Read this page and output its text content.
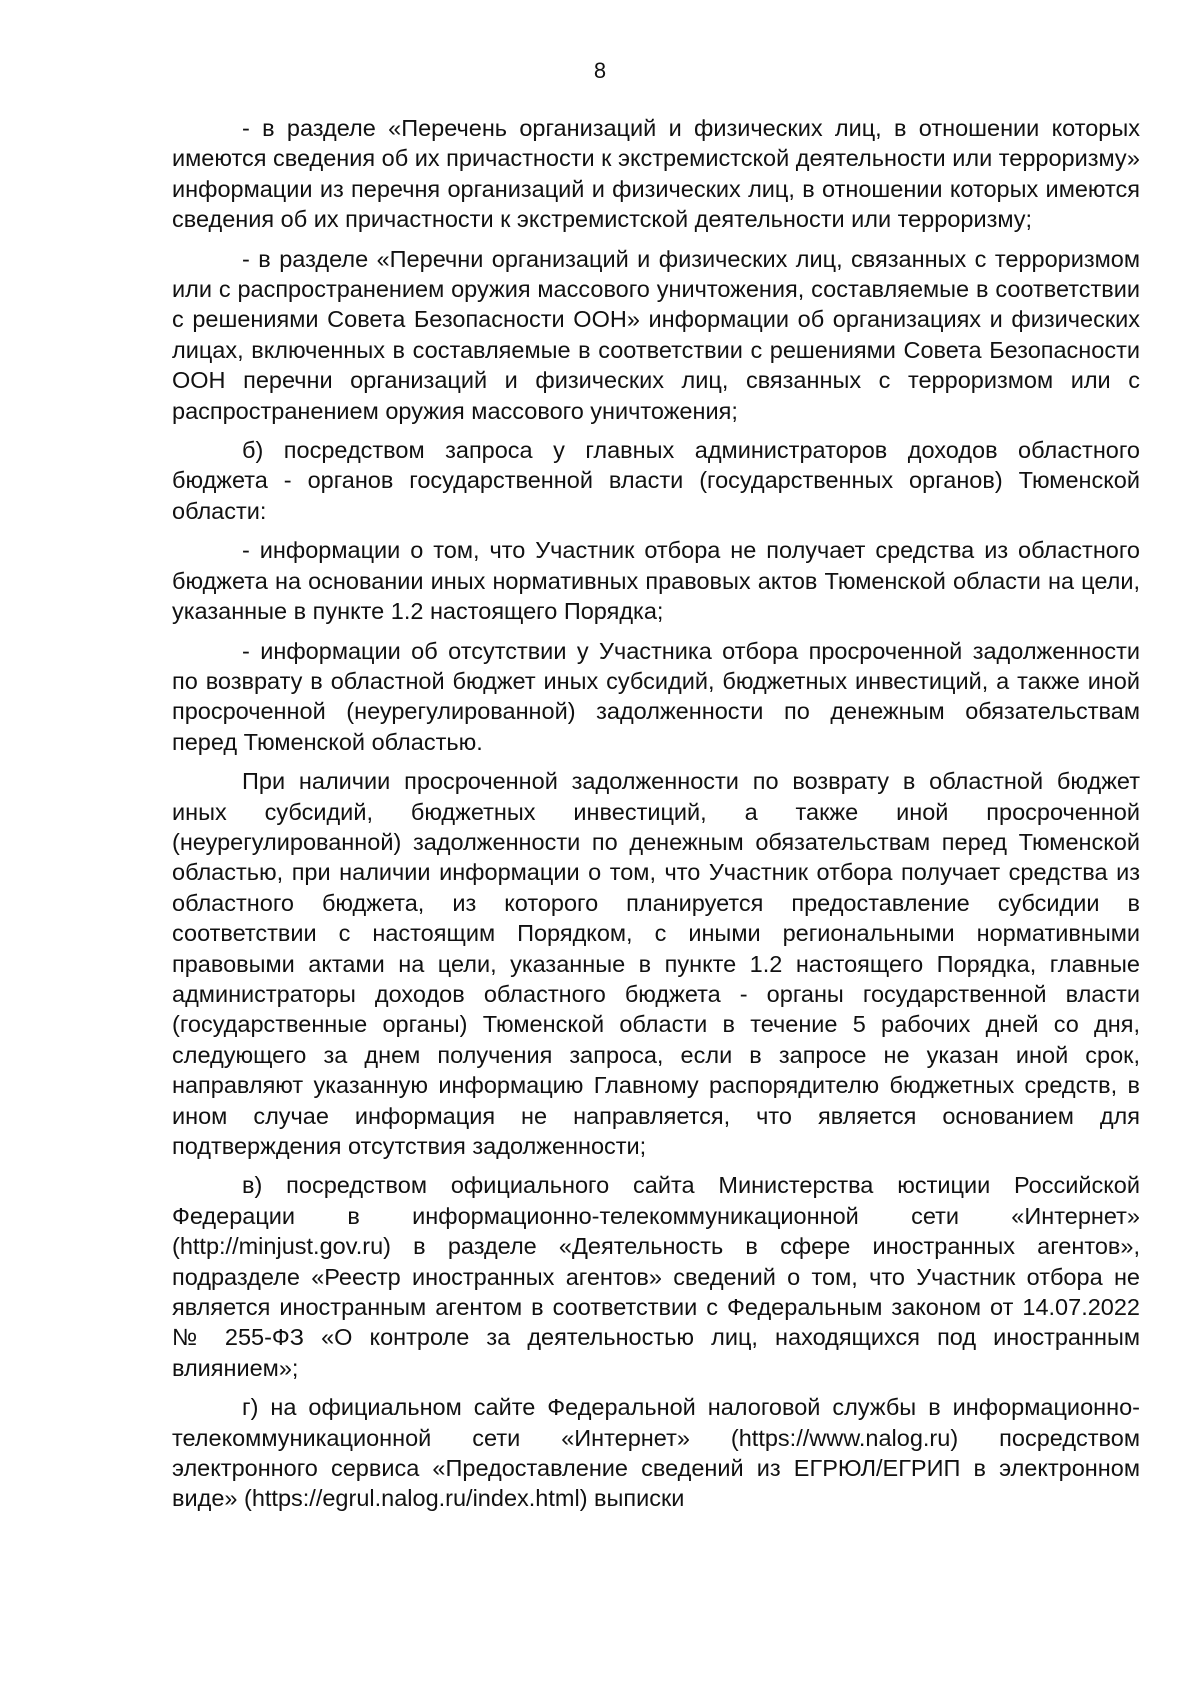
8

- в разделе «Перечень организаций и физических лиц, в отношении которых имеются сведения об их причастности к экстремистской деятельности или терроризму» информации из перечня организаций и физических лиц, в отношении которых имеются сведения об их причастности к экстремистской деятельности или терроризму;

- в разделе «Перечни организаций и физических лиц, связанных с терроризмом или с распространением оружия массового уничтожения, составляемые в соответствии с решениями Совета Безопасности ООН» информации об организациях и физических лицах, включенных в составляемые в соответствии с решениями Совета Безопасности ООН перечни организаций и физических лиц, связанных с терроризмом или с распространением оружия массового уничтожения;

б) посредством запроса у главных администраторов доходов областного бюджета - органов государственной власти (государственных органов) Тюменской области:

- информации о том, что Участник отбора не получает средства из областного бюджета на основании иных нормативных правовых актов Тюменской области на цели, указанные в пункте 1.2 настоящего Порядка;

- информации об отсутствии у Участника отбора просроченной задолженности по возврату в областной бюджет иных субсидий, бюджетных инвестиций, а также иной просроченной (неурегулированной) задолженности по денежным обязательствам перед Тюменской областью.

При наличии просроченной задолженности по возврату в областной бюджет иных субсидий, бюджетных инвестиций, а также иной просроченной (неурегулированной) задолженности по денежным обязательствам перед Тюменской областью, при наличии информации о том, что Участник отбора получает средства из областного бюджета, из которого планируется предоставление субсидии в соответствии с настоящим Порядком, с иными региональными нормативными правовыми актами на цели, указанные в пункте 1.2 настоящего Порядка, главные администраторы доходов областного бюджета - органы государственной власти (государственные органы) Тюменской области в течение 5 рабочих дней со дня, следующего за днем получения запроса, если в запросе не указан иной срок, направляют указанную информацию Главному распорядителю бюджетных средств, в ином случае информация не направляется, что является основанием для подтверждения отсутствия задолженности;

в) посредством официального сайта Министерства юстиции Российской Федерации в информационно-телекоммуникационной сети «Интернет» (http://minjust.gov.ru) в разделе «Деятельность в сфере иностранных агентов», подразделе «Реестр иностранных агентов» сведений о том, что Участник отбора не является иностранным агентом в соответствии с Федеральным законом от 14.07.2022 № 255-ФЗ «О контроле за деятельностью лиц, находящихся под иностранным влиянием»;

г) на официальном сайте Федеральной налоговой службы в информационно-телекоммуникационной сети «Интернет» (https://www.nalog.ru) посредством электронного сервиса «Предоставление сведений из ЕГРЮЛ/ЕГРИП в электронном виде» (https://egrul.nalog.ru/index.html) выписки
